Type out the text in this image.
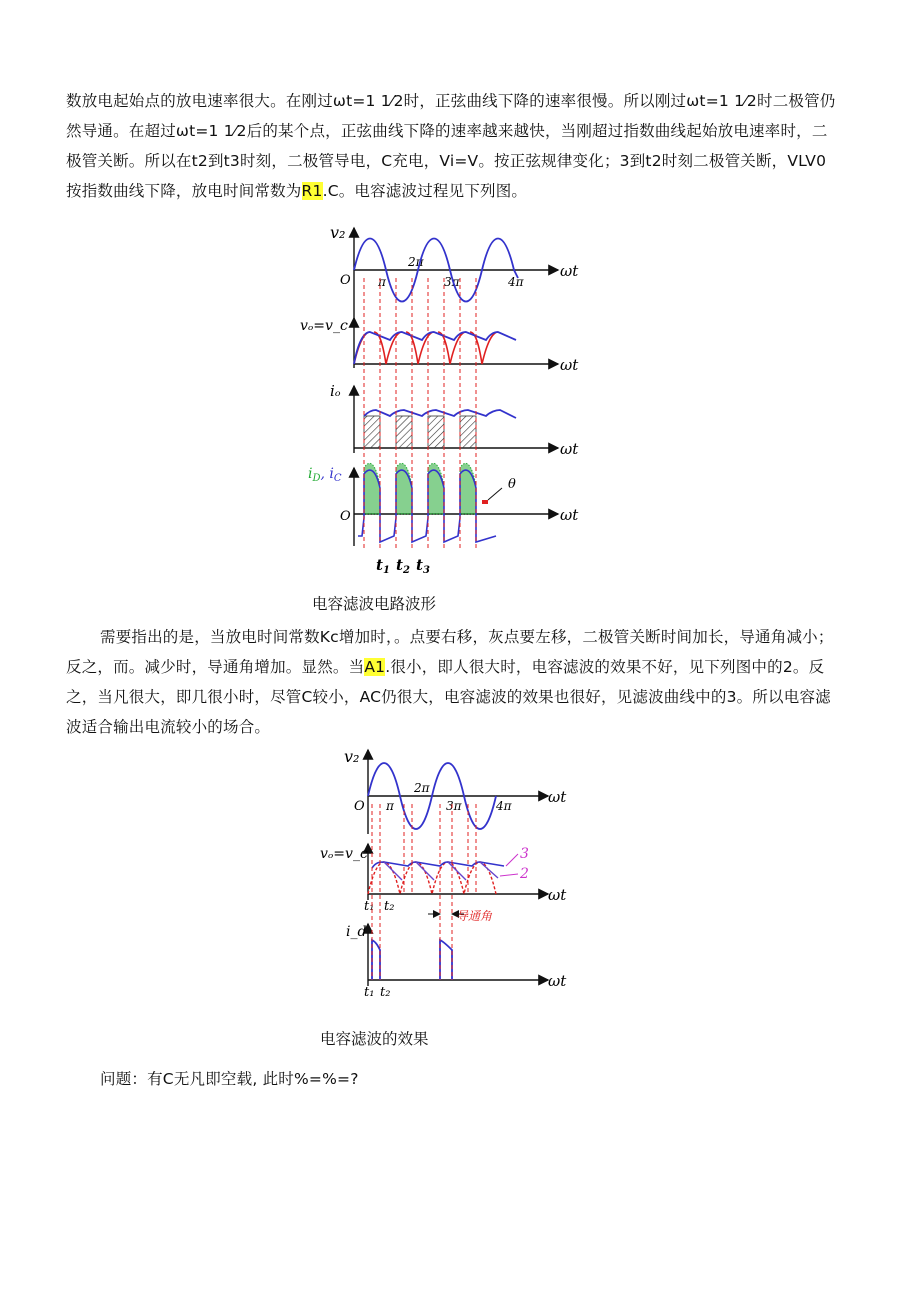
数放电起始点的放电速率很大。在刚过ωt=1 1⁄2时，正弦曲线下降的速率很慢。所以刚过ωt=1 1⁄2时二极管仍然导通。在超过ωt=1 1⁄2后的某个点，正弦曲线下降的速率越来越快，当刚超过指数曲线起始放电速率时，二极管关断。所以在t2到t3时刻，二极管导电，C充电，Vi=V。按正弦规律变化；3到t2时刻二极管关断，VLV0按指数曲线下降，放电时间常数为R1.C。电容滤波过程见下列图。

v₂
O
ωt
π
2π
3π	4π
vₒ=v_c
ωt
iₒ
ωt
$i_D$, $i_C$
O	ωt
θ
$t_1$ $t_2$ $t_3$
电容滤波电路波形

需要指出的是，当放电时间常数Kc增加时，。点要右移，灰点要左移，二极管关断时间加长，导通角减小；反之，而。减少时，导通角增加。显然。当A1.很小，即人很大时，电容滤波的效果不好，见下列图中的2。反之，当凡很大，即几很小时，尽管C较小，AC仍很大，电容滤波的效果也很好，见滤波曲线中的3。所以电容滤波适合输出电流较小的场合。

v₂
O
ωt
π
2π
3π	4π
vₒ=v_c
ωt
3
2
t₁ t₂
导通角
i_d
ωt
t₁ t₂
电容滤波的效果

问题：有C无凡即空载, 此时%=%=?
